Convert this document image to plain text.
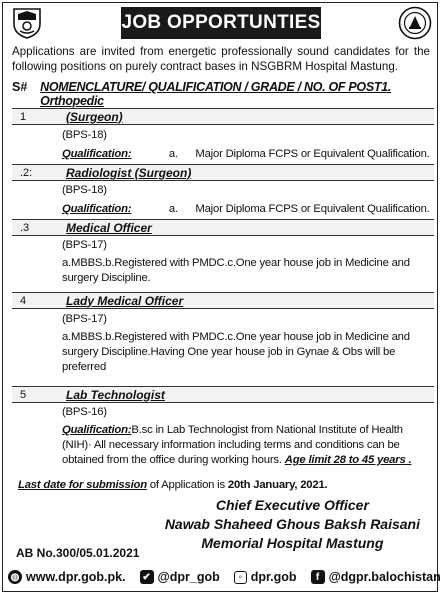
JOB OPPORTUNTIES
Applications are invited from energetic professionally sound candidates for the following positions on purely contract bases in NSGBRM Hospital Mastung.
S#	NOMENCLATURE/ QUALIFICATION / GRADE / NO. OF POST1. Orthopedic
1	(Surgeon)
(BPS-18)
Qualification:	a. Major Diploma FCPS or Equivalent Qualification.
.2:	Radiologist (Surgeon)
(BPS-18)
Qualification:	a. Major Diploma FCPS or Equivalent Qualification.
.3	Medical Officer
(BPS-17)
a.MBBS.b.Registered with PMDC.c.One year house job in Medicine and surgery Discipline.
4	Lady Medical Officer
(BPS-17)
a.MBBS.b.Registered with PMDC.c.One year house job in Medicine and surgery Discipline.Having One year house job in Gynae & Obs will be preferred
5	Lab Technologist
(BPS-16)
Qualification:B.sc in Lab Technologist from National Institute of Health (NIH)· All necessary information including terms and conditions can be obtained from the office during working hours. Age limit 28 to 45 years .
Last date for submission of Application is 20th January, 2021.
Chief Executive Officer
Nawab Shaheed Ghous Baksh Raisani
Memorial Hospital Mastung
AB No.300/05.01.2021
◍ www.dpr.gob.pk. ✔ @dpr_gob	◦ dpr.gob	f @dgpr.balochistan
